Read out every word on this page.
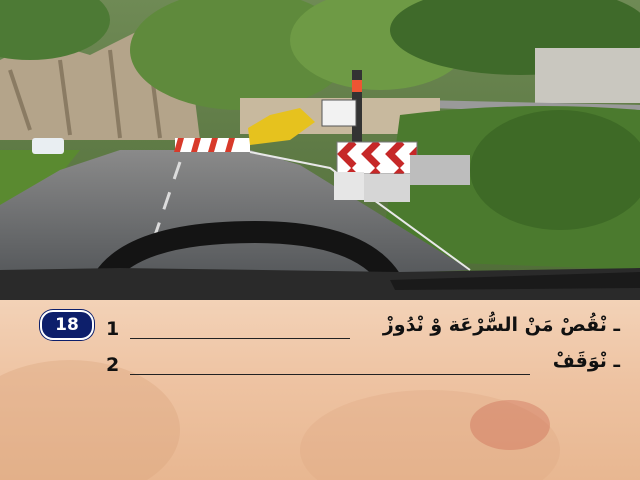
18	1	ـ نْقُصْ مَنْ السُّرْعَة وْ نْدُوزْ
2	ـ نْوَقَفْ
